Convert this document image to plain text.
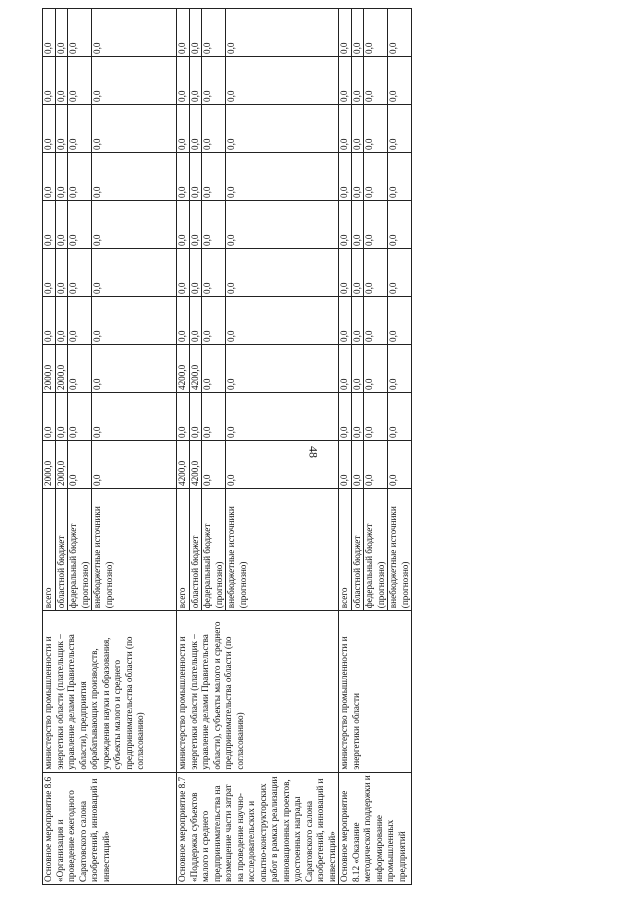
48
Основное мероприятие 8.6 «Организация и проведение ежегодного Саратовского салона изобретений, инноваций и инвестиций»	министерство промышленности и энергетики области (плательщик – управление делами Правительства области), предприятия обрабатывающих производств, учреждения науки и образования, субъекты малого и среднего предпринимательства области (по согласованию)	всего	2000,0	0,0	2000,0	0,0	0,0	0,0	0,0	0,0	0,0	0,0
		областной бюджет	2000,0	0,0	2000,0	0,0	0,0	0,0	0,0	0,0	0,0	0,0
		федеральный бюджет (прогнозно)	0,0	0,0	0,0	0,0	0,0	0,0	0,0	0,0	0,0	0,0
		внебюджетные источники (прогнозно)	0,0	0,0	0,0	0,0	0,0	0,0	0,0	0,0	0,0	0,0
Основное мероприятие 8.7 «Поддержка субъектов малого и среднего предпринимательства на возмещение части затрат на проведение научно-исследовательских и опытно-конструкторских работ в рамках реализации инновационных проектов, удостоенных награды Саратовского салона изобретений, инноваций и инвестиций»	министерство промышленности и энергетики области (плательщик – управление делами Правительства области), субъекты малого и среднего предпринимательства области (по согласованию)	всего	4200,0	0,0	4200,0	0,0	0,0	0,0	0,0	0,0	0,0	0,0
		областной бюджет	4200,0	0,0	4200,0	0,0	0,0	0,0	0,0	0,0	0,0	0,0
		федеральный бюджет (прогнозно)	0,0	0,0	0,0	0,0	0,0	0,0	0,0	0,0	0,0	0,0
		внебюджетные источники (прогнозно)	0,0	0,0	0,0	0,0	0,0	0,0	0,0	0,0	0,0	0,0
Основное мероприятие 8.12 «Оказание методической поддержки и информирование промышленных предприятий	министерство промышленности и энергетики области	всего	0,0	0,0	0,0	0,0	0,0	0,0	0,0	0,0	0,0	0,0
		областной бюджет	0,0	0,0	0,0	0,0	0,0	0,0	0,0	0,0	0,0	0,0
		федеральный бюджет (прогнозно)	0,0	0,0	0,0	0,0	0,0	0,0	0,0	0,0	0,0	0,0
		внебюджетные источники (прогнозно)	0,0	0,0	0,0	0,0	0,0	0,0	0,0	0,0	0,0	0,0
